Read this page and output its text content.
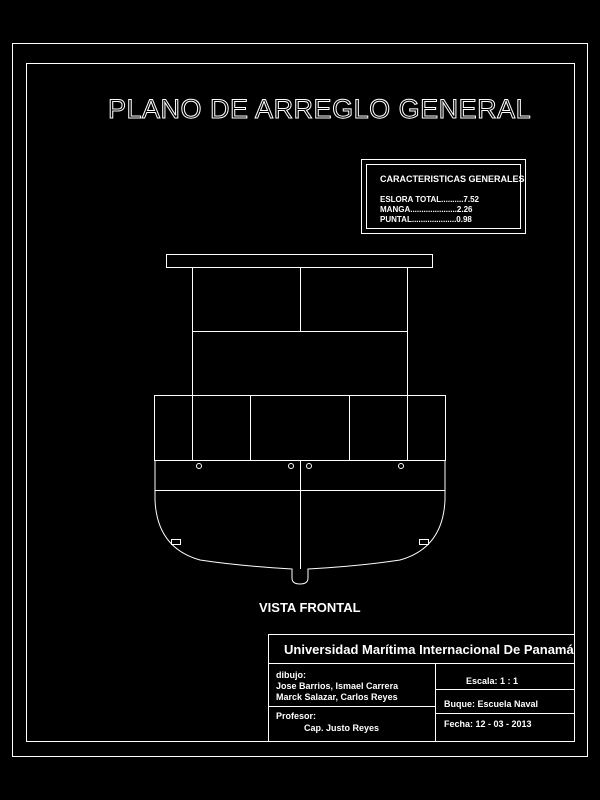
PLANO DE ARREGLO GENERAL
CARACTERISTICAS GENERALES
ESLORA TOTAL..........7.52
MANGA.....................2.26
PUNTAL....................0.98
VISTA FRONTAL
Universidad Marítima Internacional De Panamá
dibujo:
Jose Barrios, Ismael Carrera
Marck Salazar, Carlos Reyes
Profesor:
Cap. Justo Reyes
Escala: 1 : 1
Buque: Escuela Naval
Fecha: 12 - 03 - 2013
